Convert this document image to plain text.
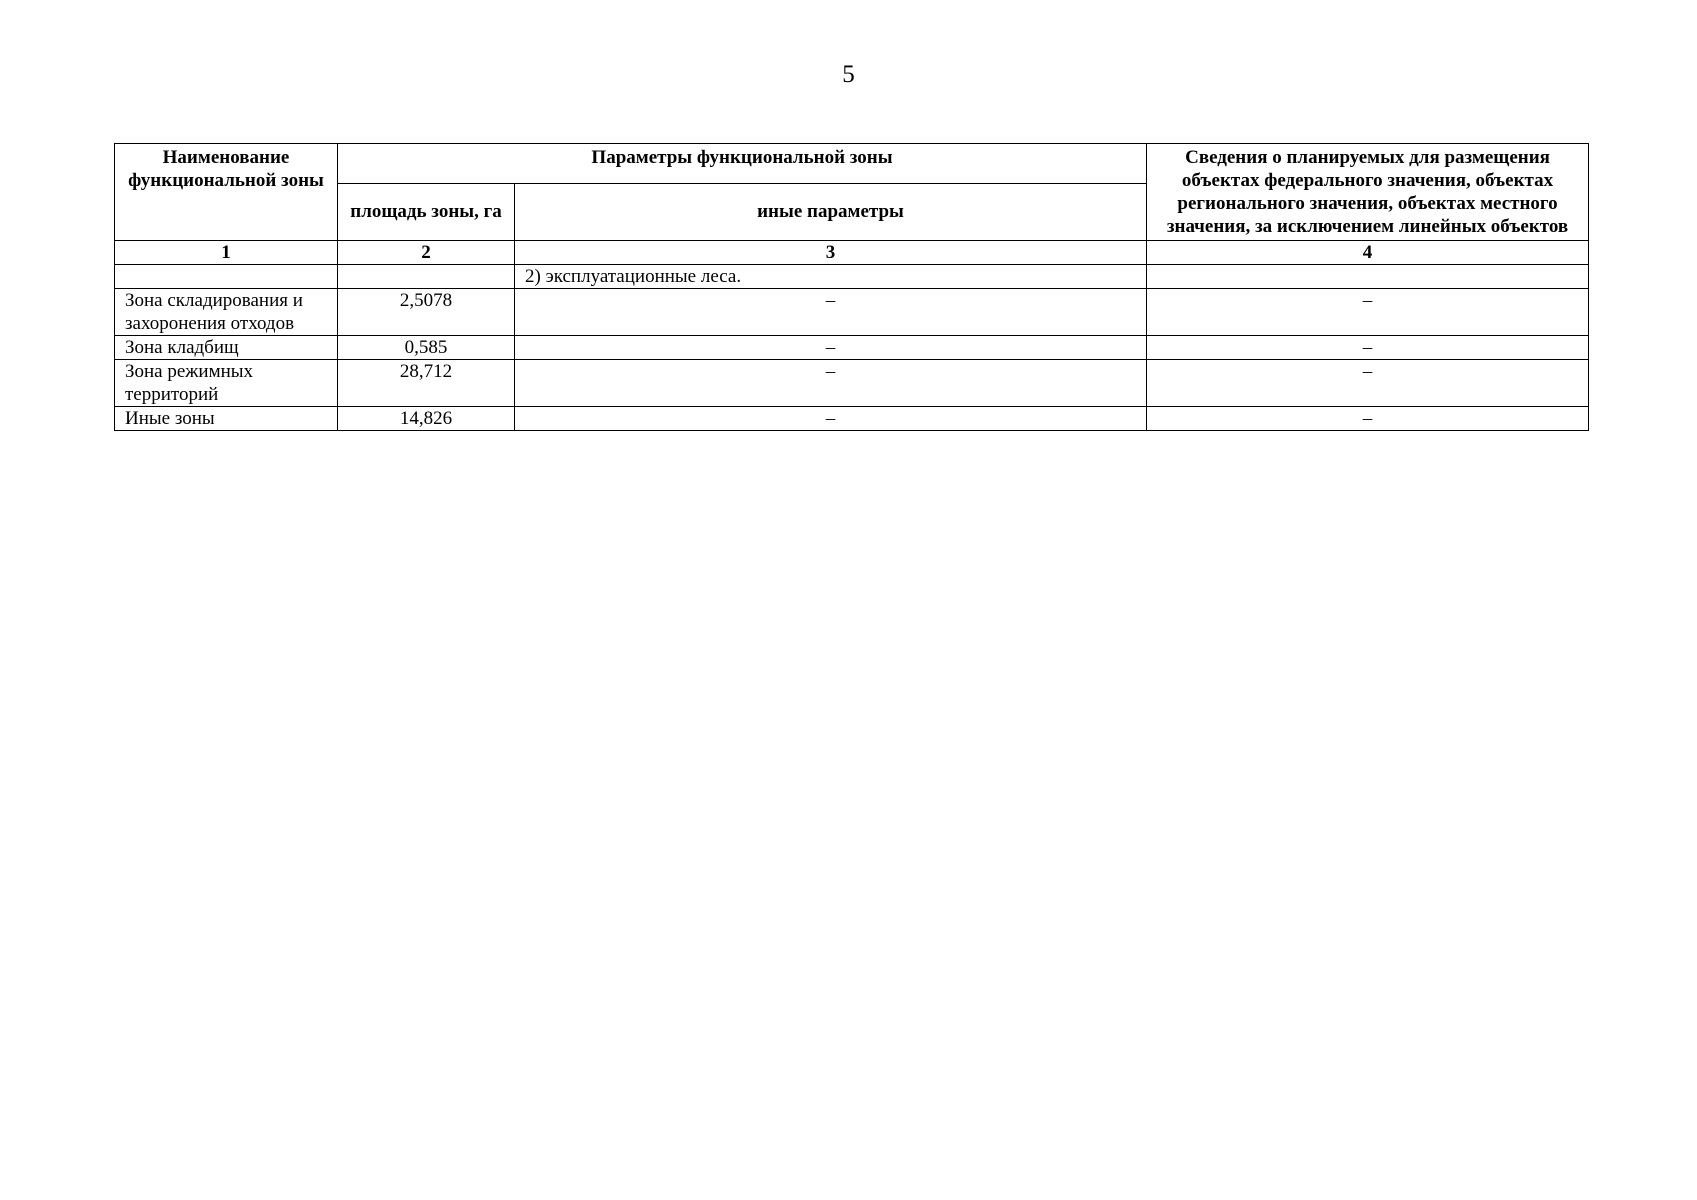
5
Наименование функциональной зоны	Параметры функциональной зоны		Сведения о планируемых для размещения объектах федерального значения, объектах регионального значения, объектах местного значения, за исключением линейных объектов
	площадь зоны, га	иные параметры	
1	2	3	4
		2) эксплуатационные леса.	
Зона складирования и захоронения отходов	2,5078	–	–
Зона кладбищ	0,585	–	–
Зона режимных территорий	28,712	–	–
Иные зоны	14,826	–	–
